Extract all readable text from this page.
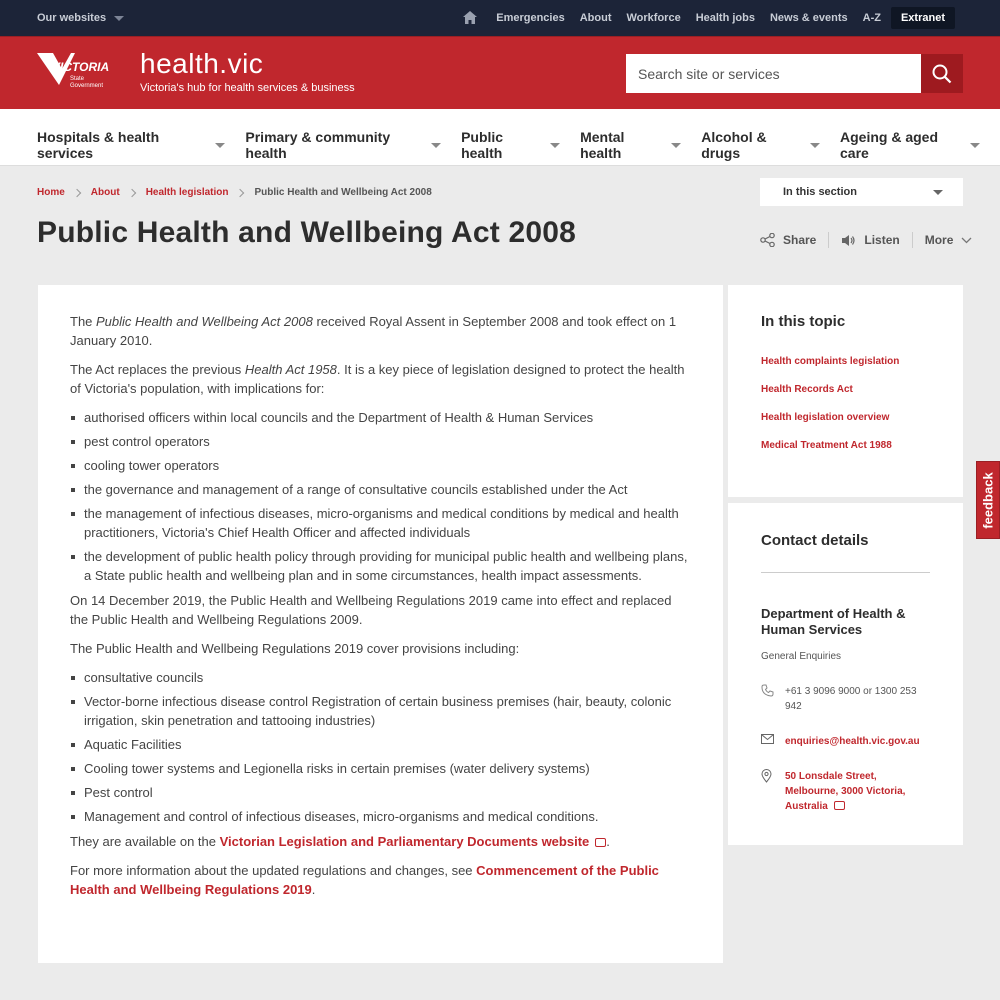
Our websites	Emergencies About Workforce Health jobs News & events A-Z	Extranet
VICTORIA
State
Government
health.vic
Victoria's hub for health services & business
Search site or services
Hospitals & health services
Primary & community health
Public health
Mental health
Alcohol & drugs
Ageing & aged care
Home	About	Health legislation	Public Health and Wellbeing Act 2008	In this section
Public Health and Wellbeing Act 2008	Share	Listen More

The Public Health and Wellbeing Act 2008 received Royal Assent in September 2008 and took effect on 1 January 2010.

The Act replaces the previous Health Act 1958. It is a key piece of legislation designed to protect the health of Victoria's population, with implications for:

authorised officers within local councils and the Department of Health & Human Services
pest control operators
cooling tower operators
the governance and management of a range of consultative councils established under the Act
the management of infectious diseases, micro-organisms and medical conditions by medical and health practitioners, Victoria's Chief Health Officer and affected individuals
the development of public health policy through providing for municipal public health and wellbeing plans, a State public health and wellbeing plan and in some circumstances, health impact assessments.

On 14 December 2019, the Public Health and Wellbeing Regulations 2019 came into effect and replaced the Public Health and Wellbeing Regulations 2009.

The Public Health and Wellbeing Regulations 2019 cover provisions including:

consultative councils
Vector-borne infectious disease control Registration of certain business premises (hair, beauty, colonic irrigation, skin penetration and tattooing industries)
Aquatic Facilities
Cooling tower systems and Legionella risks in certain premises (water delivery systems)
Pest control
Management and control of infectious diseases, micro-organisms and medical conditions.

They are available on the Victorian Legislation and Parliamentary Documents website .

For more information about the updated regulations and changes, see Commencement of the Public Health and Wellbeing Regulations 2019.

In this topic
Health complaints legislation
Health Records Act
Health legislation overview
Medical Treatment Act 1988
Contact details
Department of Health & Human Services
General Enquiries
+61 3 9096 9000 or 1300 253 942
enquiries@health.vic.gov.au
50 Lonsdale Street, Melbourne, 3000 Victoria, Australia
feedback
